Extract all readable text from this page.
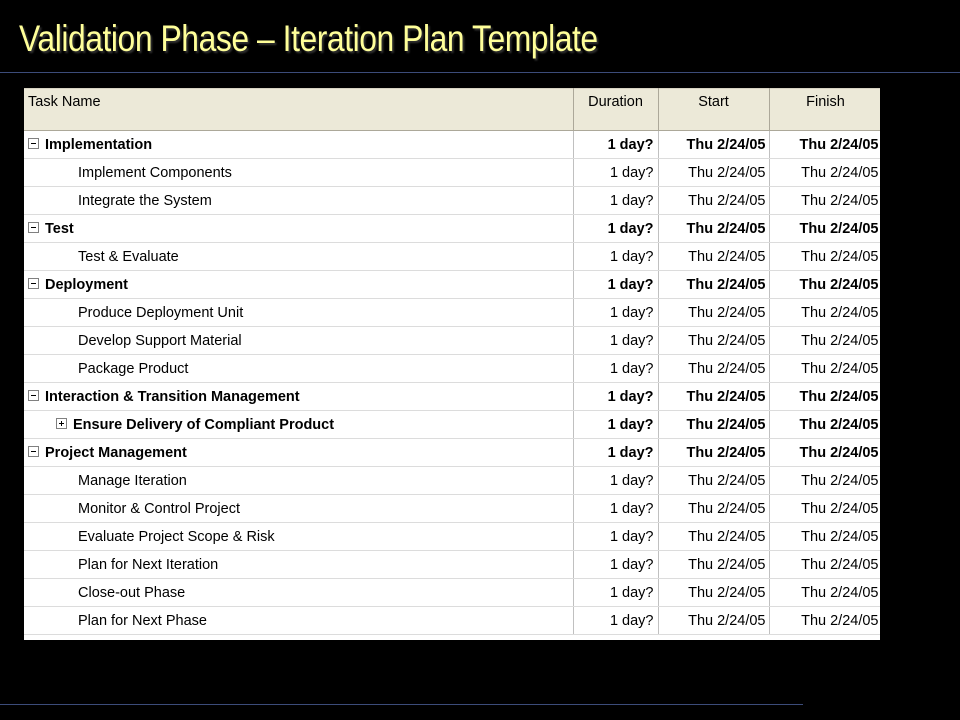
Validation Phase – Iteration Plan Template
Task Name	Duration	Start	Finish
Implementation	1 day?	Thu 2/24/05	Thu 2/24/05
Implement Components	1 day?	Thu 2/24/05	Thu 2/24/05
Integrate the System	1 day?	Thu 2/24/05	Thu 2/24/05
Test	1 day?	Thu 2/24/05	Thu 2/24/05
Test & Evaluate	1 day?	Thu 2/24/05	Thu 2/24/05
Deployment	1 day?	Thu 2/24/05	Thu 2/24/05
Produce Deployment Unit	1 day?	Thu 2/24/05	Thu 2/24/05
Develop Support Material	1 day?	Thu 2/24/05	Thu 2/24/05
Package Product	1 day?	Thu 2/24/05	Thu 2/24/05
Interaction & Transition Management	1 day?	Thu 2/24/05	Thu 2/24/05
Ensure Delivery of Compliant Product	1 day?	Thu 2/24/05	Thu 2/24/05
Project Management	1 day?	Thu 2/24/05	Thu 2/24/05
Manage Iteration	1 day?	Thu 2/24/05	Thu 2/24/05
Monitor & Control Project	1 day?	Thu 2/24/05	Thu 2/24/05
Evaluate Project Scope & Risk	1 day?	Thu 2/24/05	Thu 2/24/05
Plan for Next Iteration	1 day?	Thu 2/24/05	Thu 2/24/05
Close-out Phase	1 day?	Thu 2/24/05	Thu 2/24/05
Plan for Next Phase	1 day?	Thu 2/24/05	Thu 2/24/05
